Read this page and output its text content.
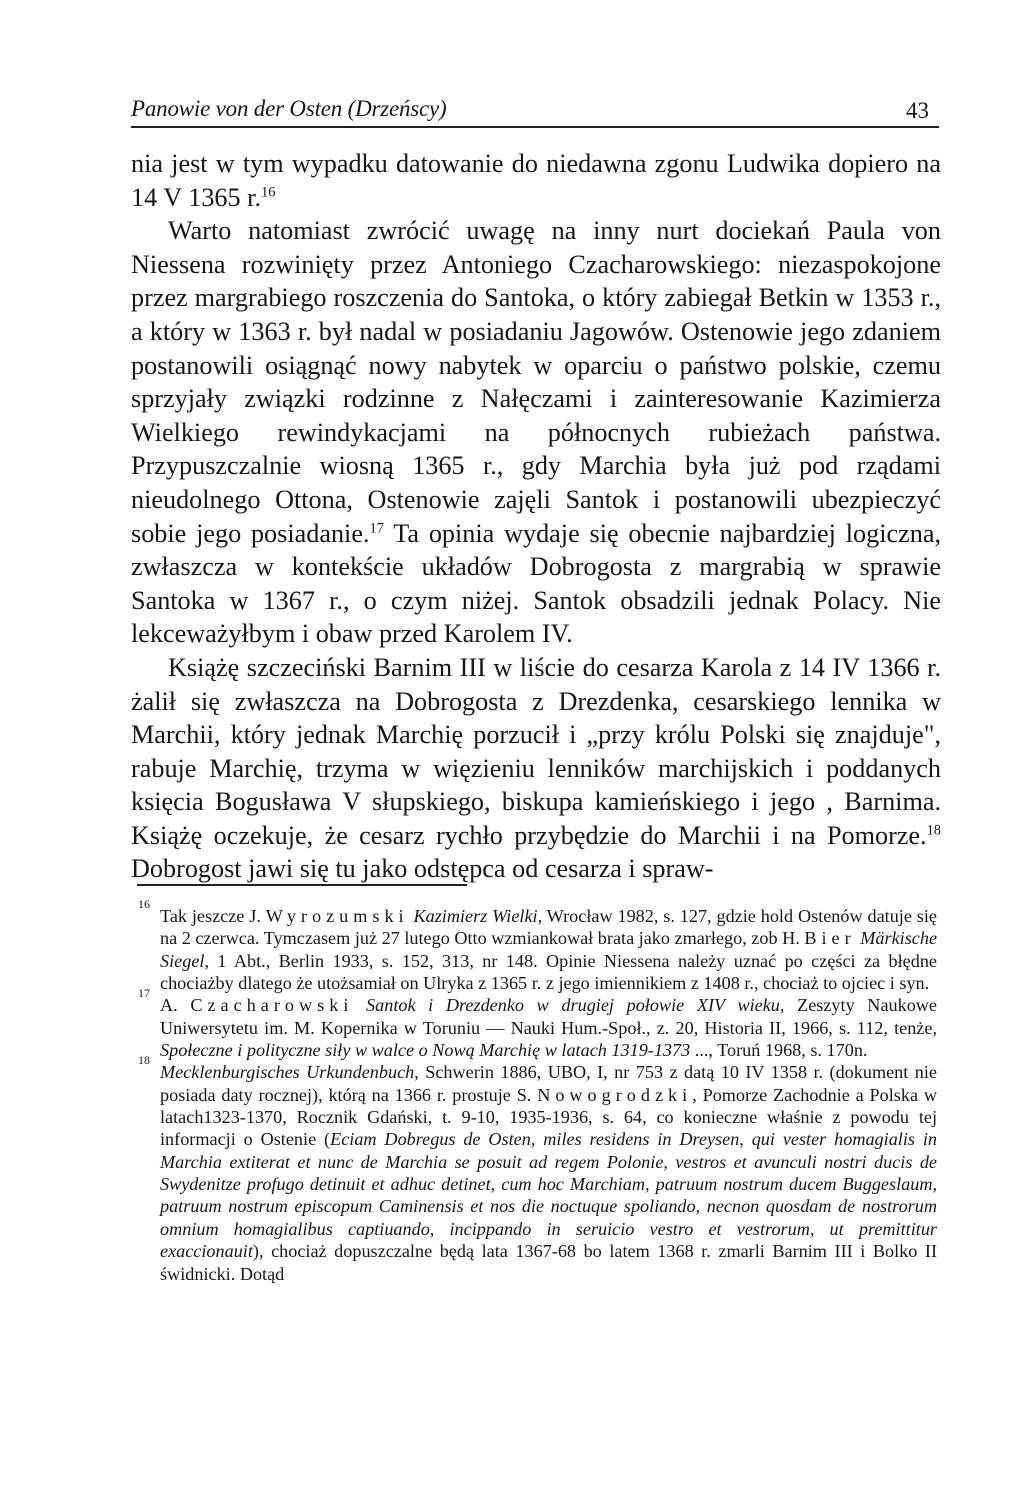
Panowie von der Osten (Drzeńscy)	43

nia jest w tym wypadku datowanie do niedawna zgonu Ludwika dopiero na 14 V 1365 r.$^{16}$

Warto natomiast zwrócić uwagę na inny nurt dociekań Paula von Niessena rozwinięty przez Antoniego Czacharowskiego: niezaspokojone przez margrabiego roszczenia do Santoka, o który zabiegał Betkin w 1353 r., a który w 1363 r. był nadal w posiadaniu Jagowów. Ostenowie jego zdaniem postanowili osiągnąć nowy nabytek w oparciu o państwo polskie, czemu sprzyjały związki rodzinne z Nałęczami i zainteresowanie Kazimierza Wielkiego rewindykacjami na północnych rubieżach państwa. Przypuszczalnie wiosną 1365 r., gdy Marchia była już pod rządami nieudolnego Ottona, Ostenowie zajęli Santok i postanowili ubezpieczyć sobie jego posiadanie.$^{17}$ Ta opinia wydaje się obecnie najbardziej logiczna, zwłaszcza w kontekście układów Dobrogosta z margrabią w sprawie Santoka w 1367 r., o czym niżej. Santok obsadzili jednak Polacy. Nie lekceważyłbym i obaw przed Karolem IV.

Książę szczeciński Barnim III w liście do cesarza Karola z 14 IV 1366 r. żalił się zwłaszcza na Dobrogosta z Drezdenka, cesarskiego lennika w Marchii, który jednak Marchię porzucił i „przy królu Polski się znajduje", rabuje Marchię, trzyma w więzieniu lenników marchijskich i poddanych księcia Bogusława V słupskiego, biskupa kamieńskiego i jego , Barnima. Książę oczekuje, że cesarz rychło przybędzie do Marchii i na Pomorze.$^{18}$ Dobrogost jawi się tu jako odstępca od cesarza i spraw-

16
Tak jeszcze J. Wyrozumski Kazimierz Wielki, Wrocław 1982, s. 127, gdzie hold Ostenów datuje się na 2 czerwca. Tymczasem już 27 lutego Otto wzmiankował brata jako zmarłego, zob H. Bier Märkische Siegel, 1 Abt., Berlin 1933, s. 152, 313, nr 148. Opinie Niessena należy uznać po części za błędne chociażby dlatego że utożsamiał on Ulryka z 1365 r. z jego imiennikiem z 1408 r., chociaż to ojciec i syn.

17
A. Czacharowski Santok i Drezdenko w drugiej połowie XIV wieku, Zeszyty Naukowe Uniwersytetu im. M. Kopernika w Toruniu — Nauki Hum.-Społ., z. 20, Historia II, 1966, s. 112, tenże, Społeczne i polityczne siły w walce o Nową Marchię w latach 1319-1373 ..., Toruń 1968, s. 170n.

18
Mecklenburgisches Urkundenbuch, Schwerin 1886, UBO, I, nr 753 z datą 10 IV 1358 r. (dokument nie posiada daty rocznej), którą na 1366 r. prostuje S. Nowogrodzki, Pomorze Zachodnie a Polska w latach1323-1370, Rocznik Gdański, t. 9-10, 1935-1936, s. 64, co konieczne właśnie z powodu tej informacji o Ostenie (Eciam Dobregus de Osten, miles residens in Dreysen, qui vester homagialis in Marchia extiterat et nunc de Marchia se posuit ad regem Polonie, vestros et avunculi nostri ducis de Swydenitze profugo detinuit et adhuc detinet, cum hoc Marchiam, patruum nostrum ducem Buggeslaum, patruum nostrum episcopum Caminensis et nos die noctuque spoliando, necnon quosdam de nostrorum omnium homagialibus captiuando, incippando in seruicio vestro et vestrorum, ut premittitur exaccionauit), chociaż dopuszczalne będą lata 1367-68 bo latem 1368 r. zmarli Barnim III i Bolko II świdnicki. Dotąd
